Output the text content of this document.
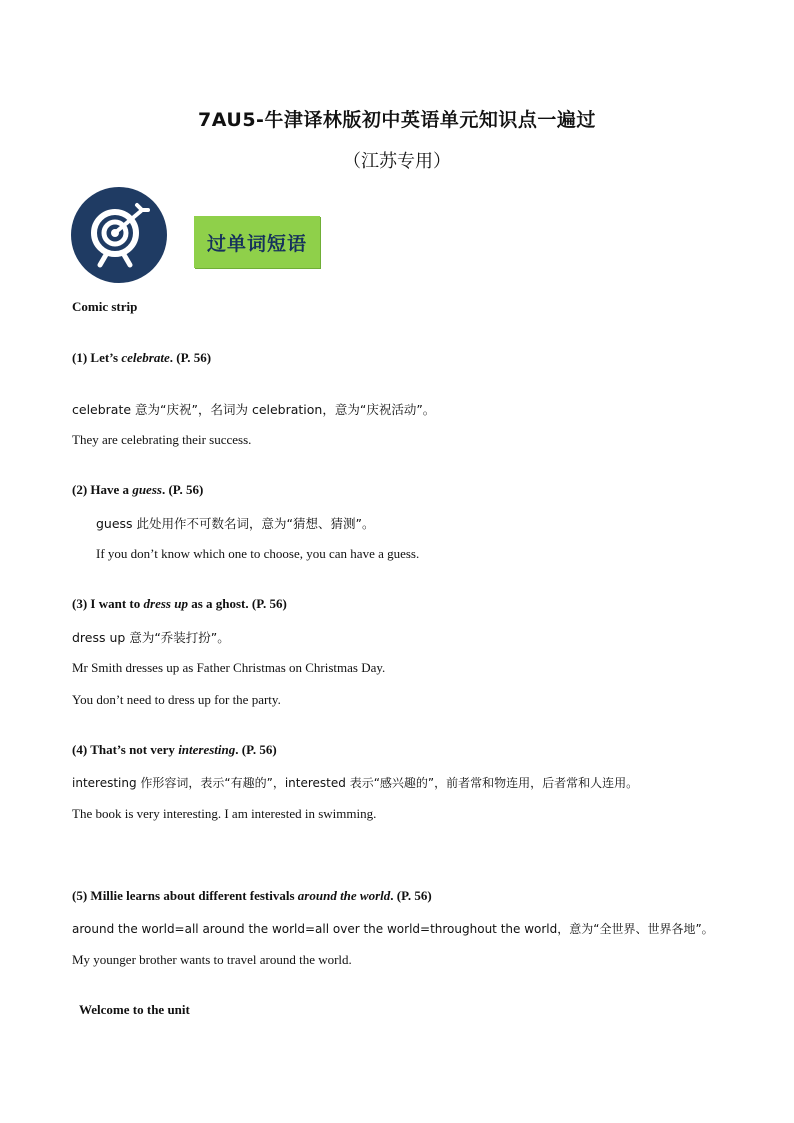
7AU5-牛津译林版初中英语单元知识点一遍过
（江苏专用）
过单词短语
Comic strip
(1) Let’s celebrate. (P. 56)
celebrate 意为“庆祝”，名词为 celebration，意为“庆祝活动”。
They are celebrating their success.
(2) Have a guess. (P. 56)
guess 此处用作不可数名词，意为“猜想、猜测”。
If you don’t know which one to choose, you can have a guess.
(3) I want to dress up as a ghost. (P. 56)
dress up 意为“乔装打扮”。
Mr Smith dresses up as Father Christmas on Christmas Day.
You don’t need to dress up for the party.
(4) That’s not very interesting. (P. 56)
interesting 作形容词，表示“有趣的”，interested 表示“感兴趣的”，前者常和物连用，后者常和人连用。
The book is very interesting. I am interested in swimming.
(5) Millie learns about different festivals around the world. (P. 56)
around the world=all around the world=all over the world=throughout the world，意为“全世界、世界各地”。
My younger brother wants to travel around the world.
Welcome to the unit
